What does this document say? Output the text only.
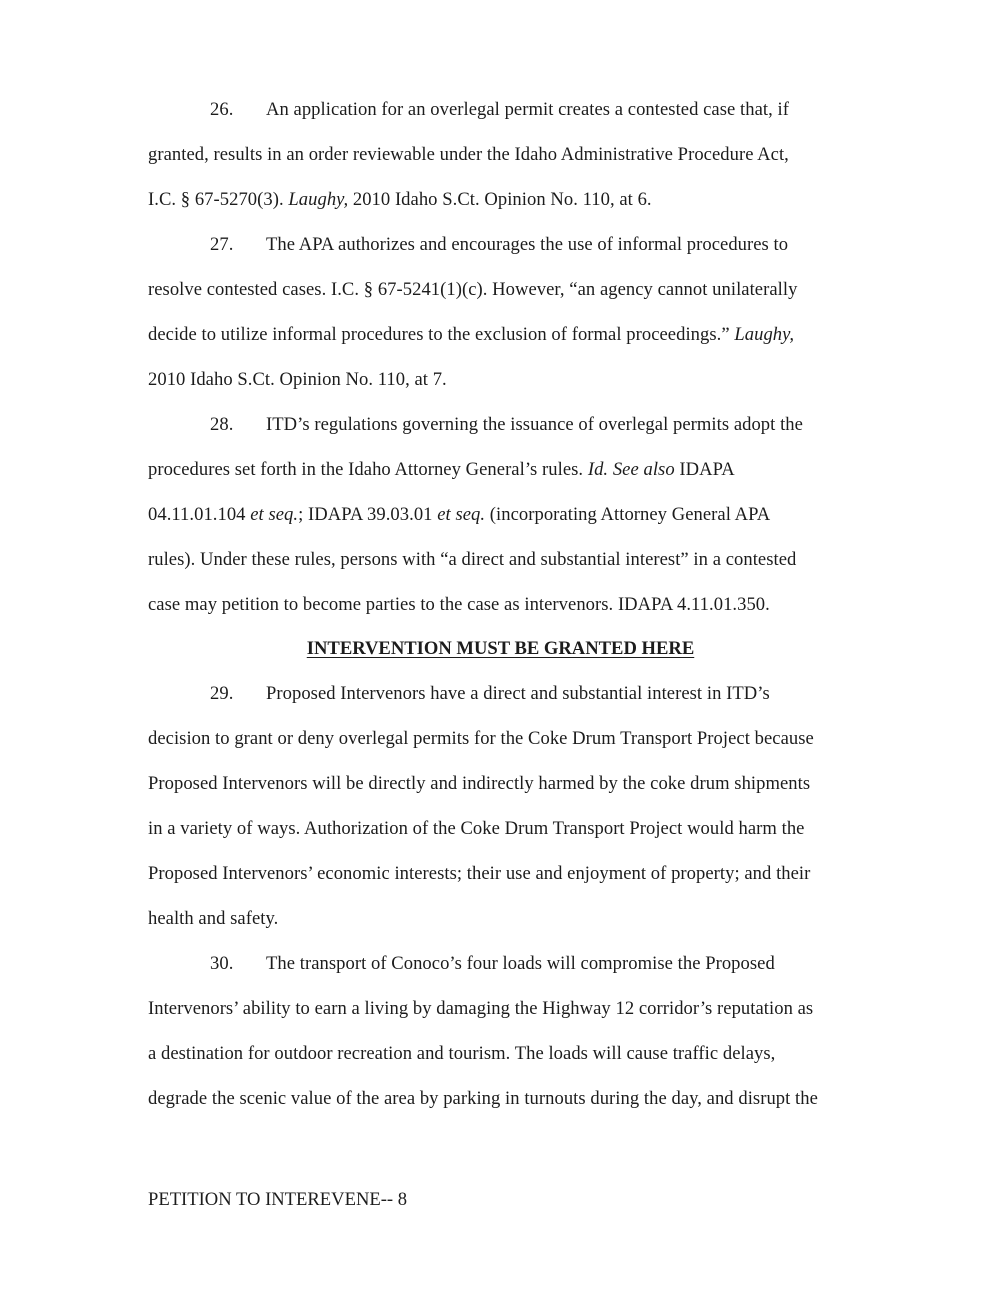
26. An application for an overlegal permit creates a contested case that, if
granted, results in an order reviewable under the Idaho Administrative Procedure Act,
I.C. § 67-5270(3). Laughy, 2010 Idaho S.Ct. Opinion No. 110, at 6.
27. The APA authorizes and encourages the use of informal procedures to
resolve contested cases. I.C. § 67-5241(1)(c). However, “an agency cannot unilaterally
decide to utilize informal procedures to the exclusion of formal proceedings.” Laughy,
2010 Idaho S.Ct. Opinion No. 110, at 7.
28. ITD’s regulations governing the issuance of overlegal permits adopt the
procedures set forth in the Idaho Attorney General’s rules. Id. See also IDAPA
04.11.01.104 et seq.; IDAPA 39.03.01 et seq. (incorporating Attorney General APA
rules). Under these rules, persons with “a direct and substantial interest” in a contested
case may petition to become parties to the case as intervenors. IDAPA 4.11.01.350.
INTERVENTION MUST BE GRANTED HERE
29. Proposed Intervenors have a direct and substantial interest in ITD’s
decision to grant or deny overlegal permits for the Coke Drum Transport Project because
Proposed Intervenors will be directly and indirectly harmed by the coke drum shipments
in a variety of ways. Authorization of the Coke Drum Transport Project would harm the
Proposed Intervenors’ economic interests; their use and enjoyment of property; and their
health and safety.
30. The transport of Conoco’s four loads will compromise the Proposed
Intervenors’ ability to earn a living by damaging the Highway 12 corridor’s reputation as
a destination for outdoor recreation and tourism. The loads will cause traffic delays,
degrade the scenic value of the area by parking in turnouts during the day, and disrupt the
PETITION TO INTEREVENE-- 8
